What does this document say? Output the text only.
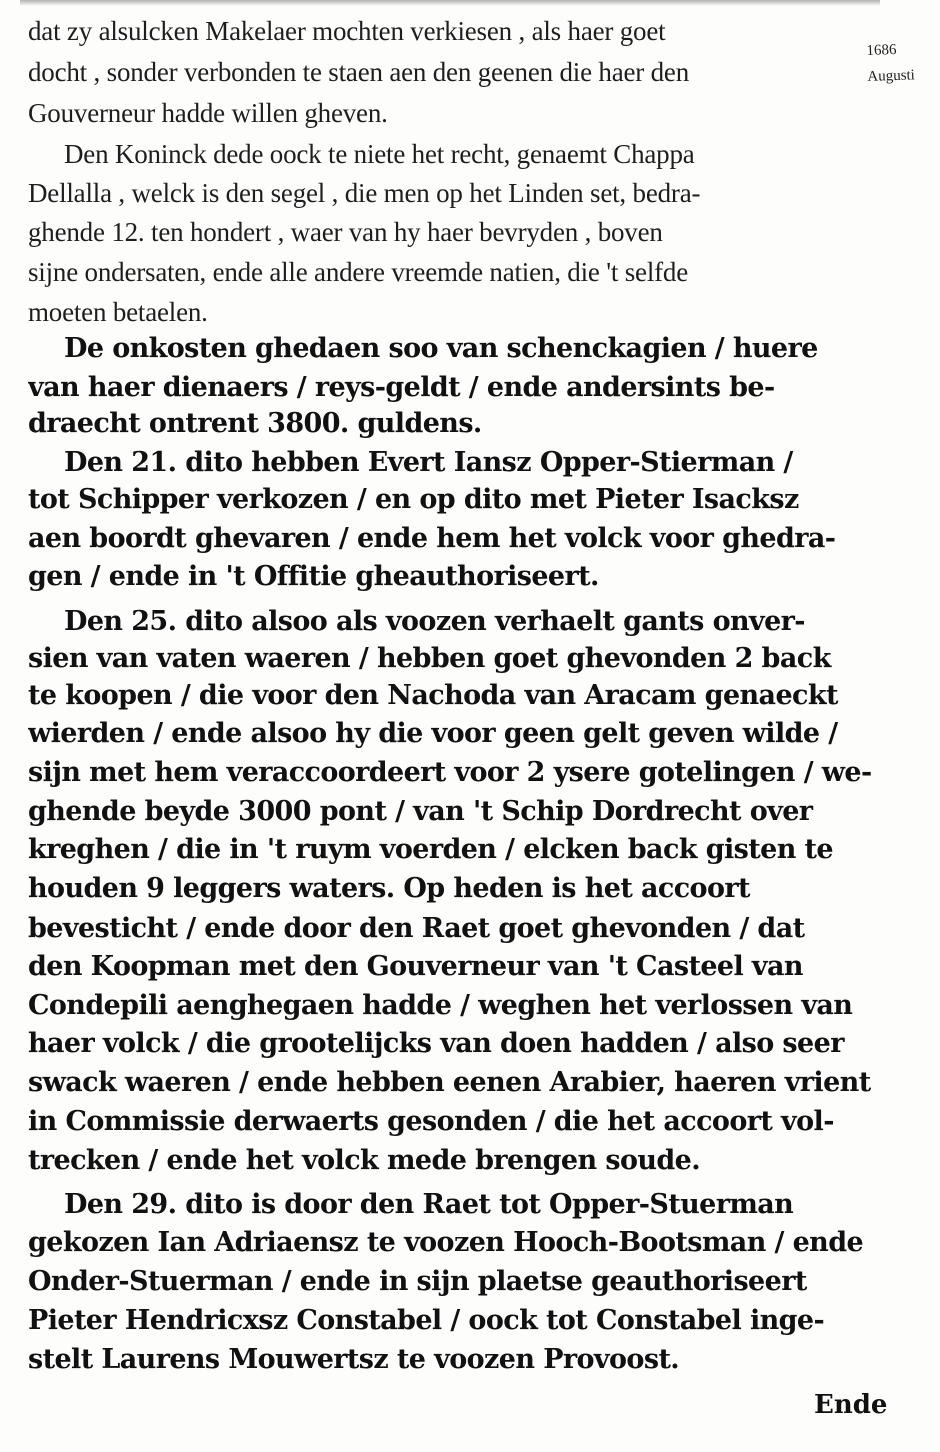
1686
Augusti
dat zy alsulcken Makelaer mochten verkiesen , als haer goet
docht , sonder verbonden te staen aen den geenen die haer den
Gouverneur hadde willen gheven.
Den Koninck dede oock te niete het recht, genaemt Chappa
Dellalla , welck is den segel , die men op het Linden set, bedra-
ghende 12. ten hondert , waer van hy haer bevryden , boven
sijne ondersaten, ende alle andere vreemde natien, die 't selfde
moeten betaelen.
De onkosten ghedaen soo van schenckagien / huere
van haer dienaers / reys-geldt / ende andersints be-
draecht ontrent 3800. guldens.
Den 21. dito hebben Evert Iansz Opper-Stierman /
tot Schipper verkozen / en op dito met Pieter Isacksz
aen boordt ghevaren / ende hem het volck voor ghedra-
gen / ende in 't Offitie gheauthoriseert.
Den 25. dito alsoo als voozen verhaelt gants onver-
sien van vaten waeren / hebben goet ghevonden 2 back
te koopen / die voor den Nachoda van Aracam genaeckt
wierden / ende alsoo hy die voor geen gelt geven wilde /
sijn met hem veraccoordeert voor 2 ysere gotelingen / we-
ghende beyde 3000 pont / van 't Schip Dordrecht over
kreghen / die in 't ruym voerden / elcken back gisten te
houden 9 leggers waters. Op heden is het accoort
bevesticht / ende door den Raet goet ghevonden / dat
den Koopman met den Gouverneur van 't Casteel van
Condepili aenghegaen hadde / weghen het verlossen van
haer volck / die grootelijcks van doen hadden / also seer
swack waeren / ende hebben eenen Arabier, haeren vrient
in Commissie derwaerts gesonden / die het accoort vol-
trecken / ende het volck mede brengen soude.
Den 29. dito is door den Raet tot Opper-Stuerman
gekozen Ian Adriaensz te voozen Hooch-Bootsman / ende
Onder-Stuerman / ende in sijn plaetse geauthoriseert
Pieter Hendricxsz Constabel / oock tot Constabel inge-
stelt Laurens Mouwertsz te voozen Provoost.
Ende
